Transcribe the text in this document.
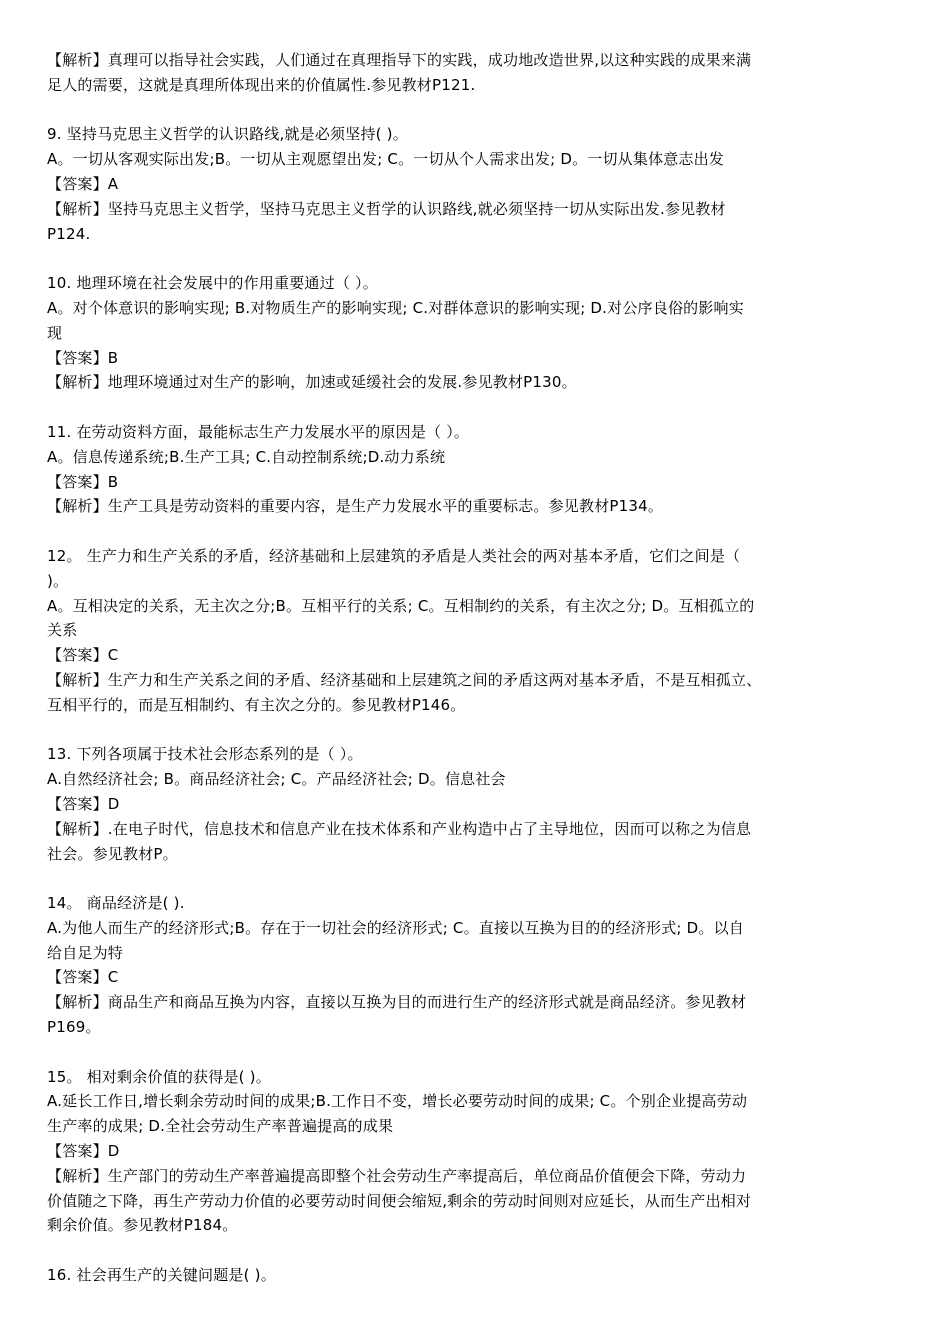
【解析】真理可以指导社会实践，人们通过在真理指导下的实践，成功地改造世界,以这种实践的成果来满
足人的需要，这就是真理所体现出来的价值属性.参见教材P121.
9. 坚持马克思主义哲学的认识路线,就是必须坚持( )。
A。一切从客观实际出发;B。一切从主观愿望出发; C。一切从个人需求出发; D。一切从集体意志出发
【答案】A
【解析】坚持马克思主义哲学，坚持马克思主义哲学的认识路线,就必须坚持一切从实际出发.参见教材
P124.
10. 地理环境在社会发展中的作用重要通过（ ）。
A。对个体意识的影响实现; B.对物质生产的影响实现; C.对群体意识的影响实现; D.对公序良俗的影响实
现
【答案】B
【解析】地理环境通过对生产的影响，加速或延缓社会的发展.参见教材P130。
11. 在劳动资料方面，最能标志生产力发展水平的原因是（ ）。
A。信息传递系统;B.生产工具; C.自动控制系统;D.动力系统
【答案】B
【解析】生产工具是劳动资料的重要内容，是生产力发展水平的重要标志。参见教材P134。
12。 生产力和生产关系的矛盾，经济基础和上层建筑的矛盾是人类社会的两对基本矛盾，它们之间是（
)。
A。互相决定的关系，无主次之分;B。互相平行的关系; C。互相制约的关系，有主次之分; D。互相孤立的
关系
【答案】C
【解析】生产力和生产关系之间的矛盾、经济基础和上层建筑之间的矛盾这两对基本矛盾，不是互相孤立、
互相平行的，而是互相制约、有主次之分的。参见教材P146。
13. 下列各项属于技术社会形态系列的是（ ）。
A.自然经济社会; B。商品经济社会; C。产品经济社会; D。信息社会
【答案】D
【解析】.在电子时代，信息技术和信息产业在技术体系和产业构造中占了主导地位，因而可以称之为信息
社会。参见教材P。
14。 商品经济是( ).
A.为他人而生产的经济形式;B。存在于一切社会的经济形式; C。直接以互换为目的的经济形式; D。以自
给自足为特
【答案】C
【解析】商品生产和商品互换为内容，直接以互换为目的而进行生产的经济形式就是商品经济。参见教材
P169。
15。 相对剩余价值的获得是( )。
A.延长工作日,增长剩余劳动时间的成果;B.工作日不变，增长必要劳动时间的成果; C。个别企业提高劳动
生产率的成果; D.全社会劳动生产率普遍提高的成果
【答案】D
【解析】生产部门的劳动生产率普遍提高即整个社会劳动生产率提高后，单位商品价值便会下降，劳动力
价值随之下降，再生产劳动力价值的必要劳动时间便会缩短,剩余的劳动时间则对应延长，从而生产出相对
剩余价值。参见教材P184。
16. 社会再生产的关键问题是( )。
